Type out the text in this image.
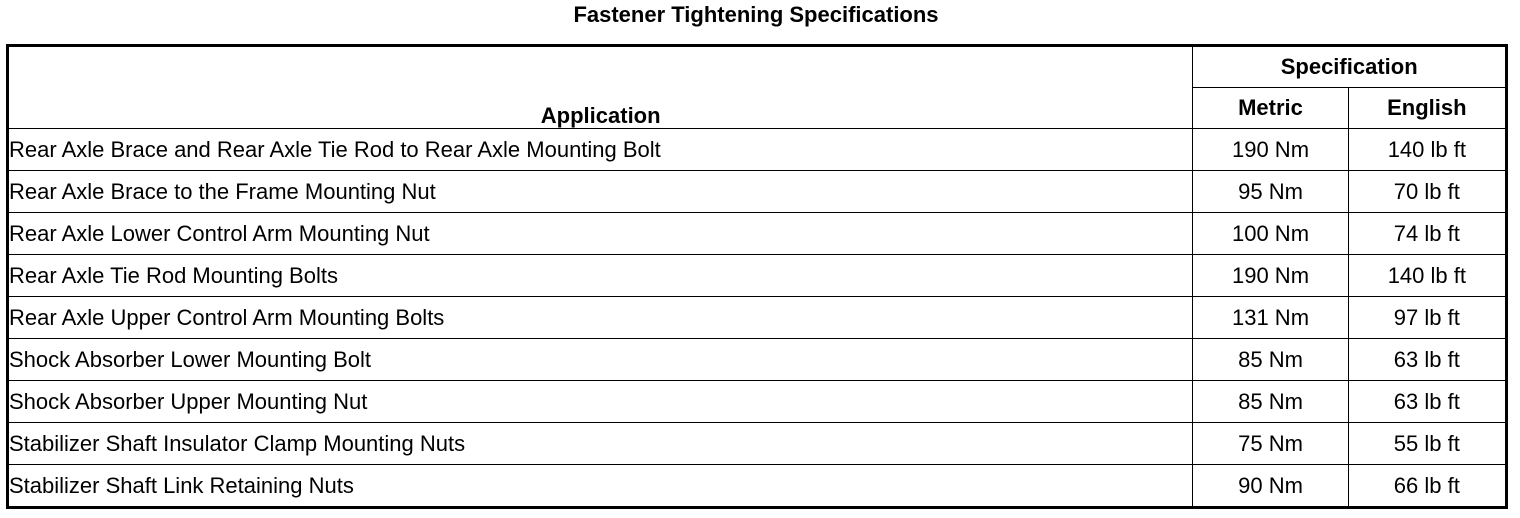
Fastener Tightening Specifications
Application	Specification	
	Metric	English
Rear Axle Brace and Rear Axle Tie Rod to Rear Axle Mounting Bolt	190 Nm	140 lb ft
Rear Axle Brace to the Frame Mounting Nut	95 Nm	70 lb ft
Rear Axle Lower Control Arm Mounting Nut	100 Nm	74 lb ft
Rear Axle Tie Rod Mounting Bolts	190 Nm	140 lb ft
Rear Axle Upper Control Arm Mounting Bolts	131 Nm	97 lb ft
Shock Absorber Lower Mounting Bolt	85 Nm	63 lb ft
Shock Absorber Upper Mounting Nut	85 Nm	63 lb ft
Stabilizer Shaft Insulator Clamp Mounting Nuts	75 Nm	55 lb ft
Stabilizer Shaft Link Retaining Nuts	90 Nm	66 lb ft
